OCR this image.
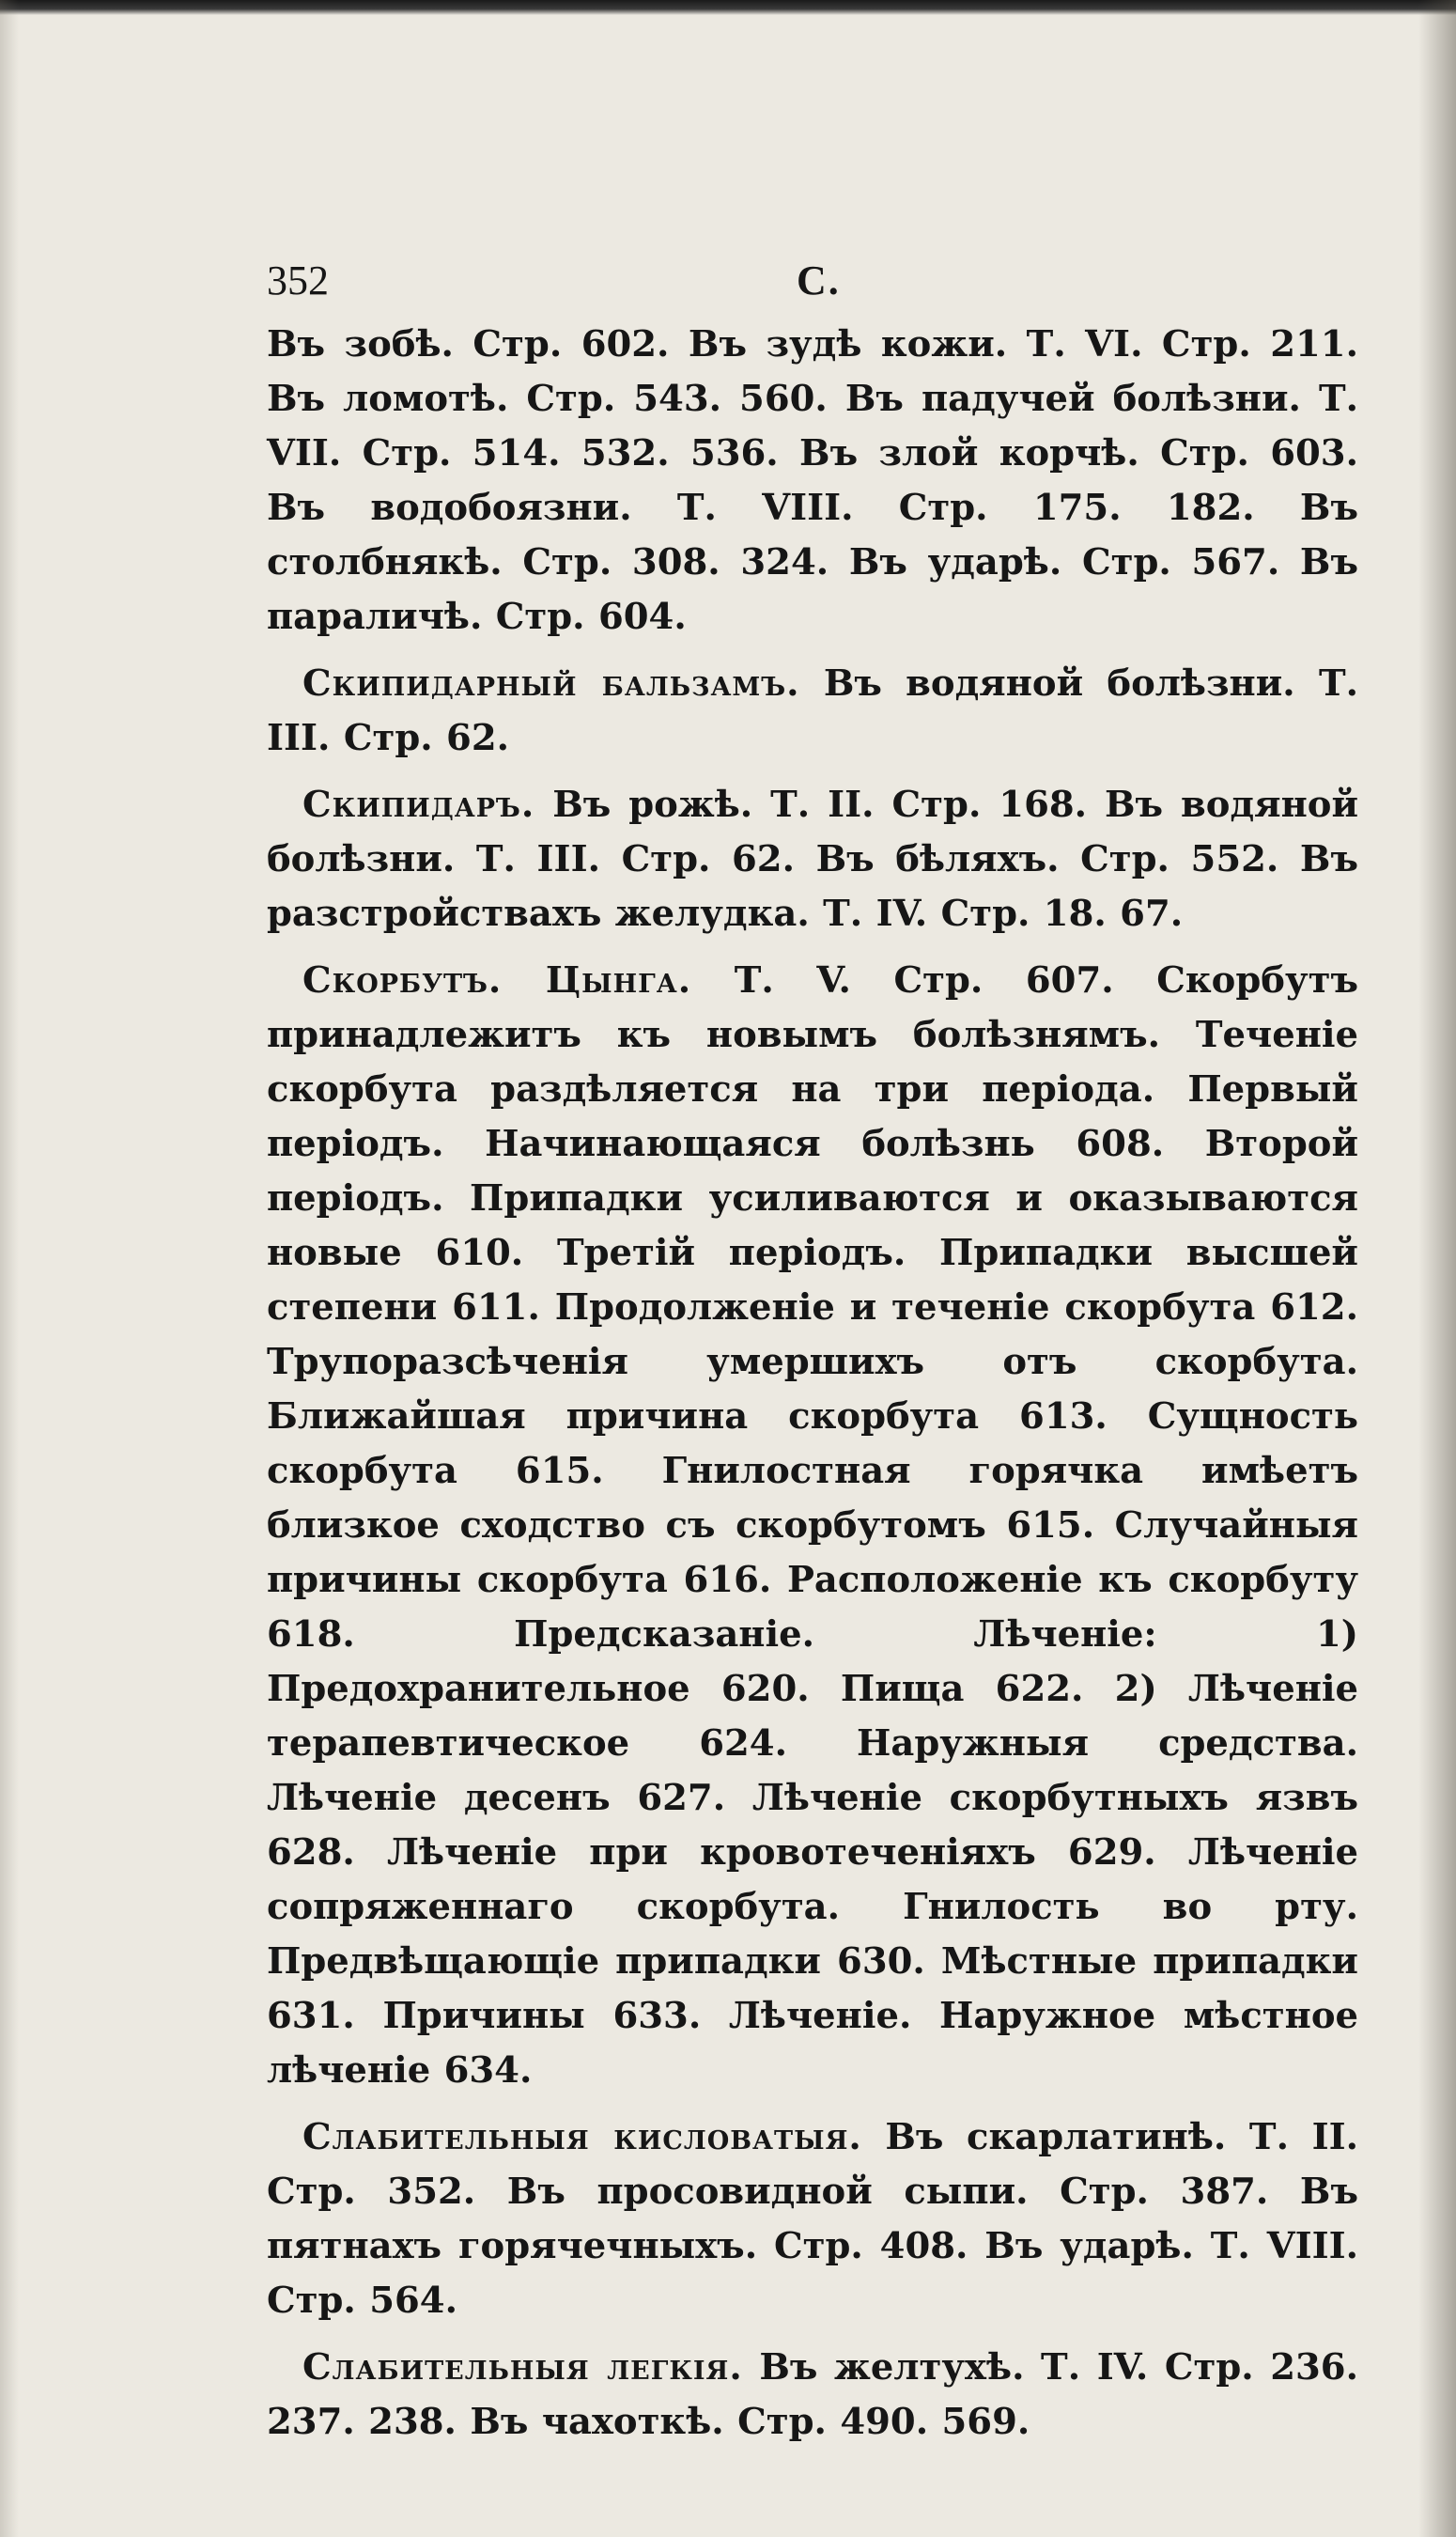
352	С.

Въ зобѣ. Стр. 602. Въ зудѣ кожи. Т. VI. Стр. 211. Въ ломотѣ. Стр. 543. 560. Въ падучей болѣзни. Т. VII. Стр. 514. 532. 536. Въ злой корчѣ. Стр. 603. Въ водобоязни. Т. VIII. Стр. 175. 182. Въ столбнякѣ. Стр. 308. 324. Въ ударѣ. Стр. 567. Въ параличѣ. Стр. 604.

Скипидарный бальзамъ. Въ водяной болѣзни. Т. III. Стр. 62.

Скипидаръ. Въ рожѣ. Т. II. Стр. 168. Въ водяной болѣзни. Т. III. Стр. 62. Въ бѣляхъ. Стр. 552. Въ разстройствахъ желудка. Т. IV. Стр. 18. 67.

Скорбутъ. Цынга. Т. V. Стр. 607. Скорбутъ принадлежитъ къ новымъ болѣзнямъ. Теченіе скорбута раздѣляется на три періода. Первый періодъ. Начинающаяся болѣзнь 608. Второй періодъ. Припадки усиливаются и оказываются новые 610. Третій періодъ. Припадки высшей степени 611. Продолженіе и теченіе скорбута 612. Трупоразсѣченія умершихъ отъ скорбута. Ближайшая причина скорбута 613. Сущность скорбута 615. Гнилостная горячка имѣетъ близкое сходство съ скорбутомъ 615. Случайныя причины скорбута 616. Расположеніе къ скорбуту 618. Предсказаніе. Лѣченіе: 1) Предохранительное 620. Пища 622. 2) Лѣченіе терапевтическое 624. Наружныя средства. Лѣченіе десенъ 627. Лѣченіе скорбутныхъ язвъ 628. Лѣченіе при кровотеченіяхъ 629. Лѣченіе сопряженнаго скорбута. Гнилость во рту. Предвѣщающіе припадки 630. Мѣстные припадки 631. Причины 633. Лѣченіе. Наружное мѣстное лѣченіе 634.

Слабительныя кисловатыя. Въ скарлатинѣ. Т. II. Стр. 352. Въ просовидной сыпи. Стр. 387. Въ пятнахъ горячечныхъ. Стр. 408. Въ ударѣ. Т. VIII. Стр. 564.

Слабительныя легкія. Въ желтухѣ. Т. IV. Стр. 236. 237. 238. Въ чахоткѣ. Стр. 490. 569.
